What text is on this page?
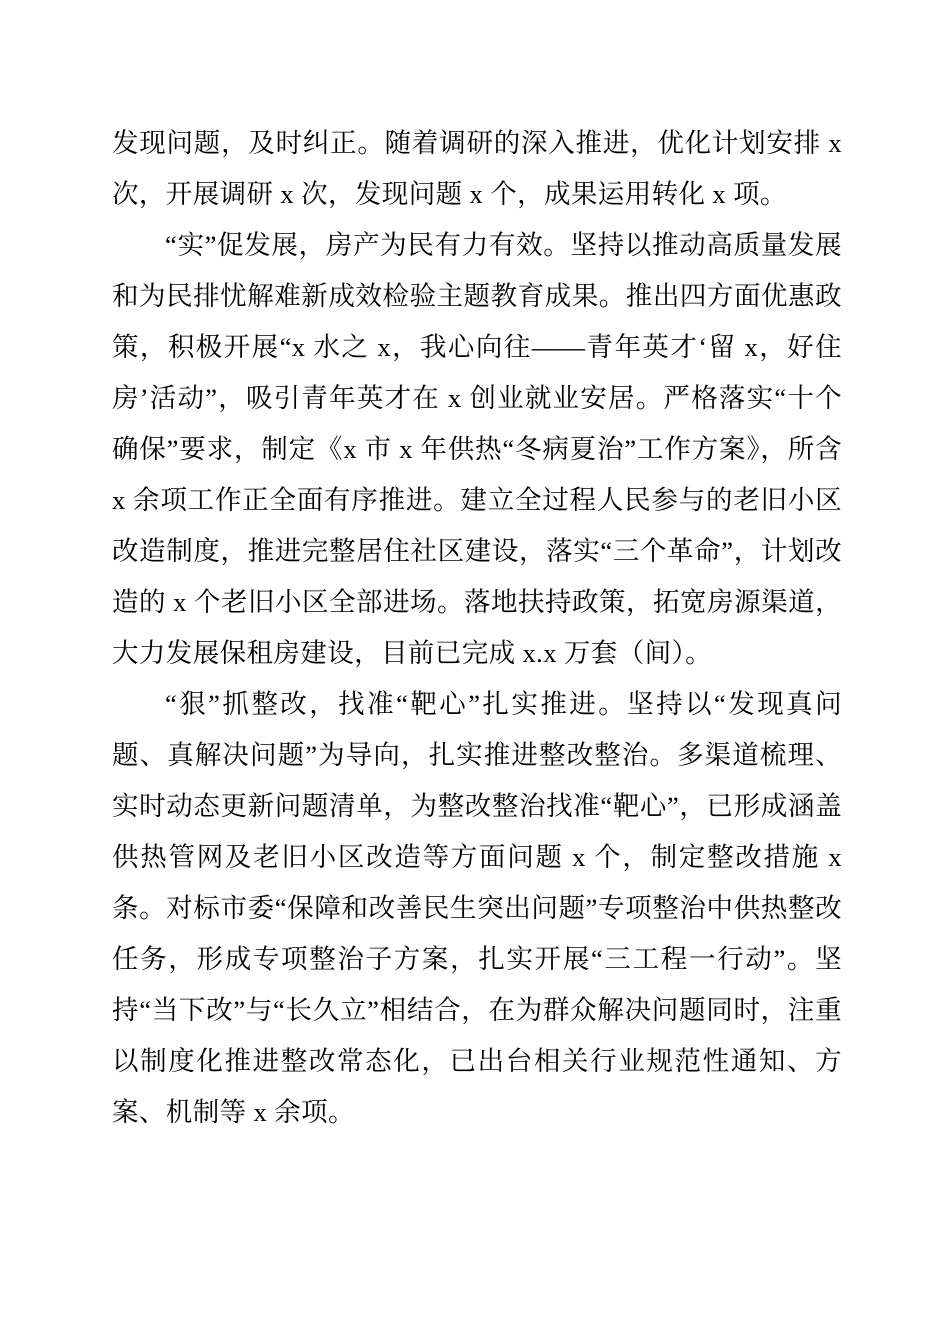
发现问题，及时纠正。随着调研的深入推进，优化计划安排 x 次，开展调研 x 次，发现问题 x 个，成果运用转化 x 项。

“实”促发展，房产为民有力有效。坚持以推动高质量发展和为民排忧解难新成效检验主题教育成果。推出四方面优惠政策，积极开展“x 水之 x，我心向往——青年英才‘留 x，好住房’活动”，吸引青年英才在 x 创业就业安居。严格落实“十个确保”要求，制定《x 市 x 年供热“冬病夏治”工作方案》，所含 x 余项工作正全面有序推进。建立全过程人民参与的老旧小区改造制度，推进完整居住社区建设，落实“三个革命”，计划改造的 x 个老旧小区全部进场。落地扶持政策，拓宽房源渠道，大力发展保租房建设，目前已完成 x.x 万套（间）。

“狠”抓整改，找准“靶心”扎实推进。坚持以“发现真问题、真解决问题”为导向，扎实推进整改整治。多渠道梳理、实时动态更新问题清单，为整改整治找准“靶心”，已形成涵盖供热管网及老旧小区改造等方面问题 x 个，制定整改措施 x 条。对标市委“保障和改善民生突出问题”专项整治中供热整改任务，形成专项整治子方案，扎实开展“三工程一行动”。坚持“当下改”与“长久立”相结合，在为群众解决问题同时，注重以制度化推进整改常态化，已出台相关行业规范性通知、方案、机制等 x 余项。
